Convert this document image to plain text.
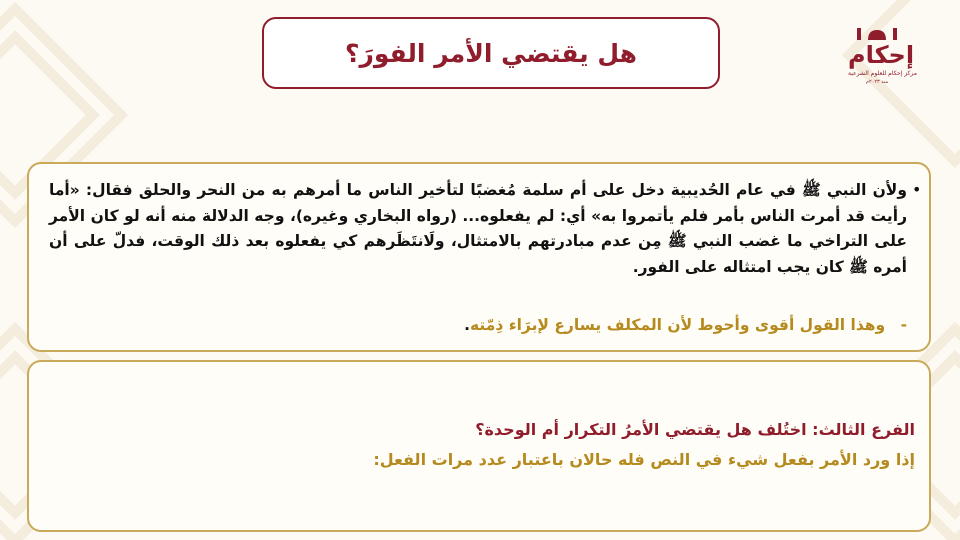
هل يقتضي الأمر الفورَ؟	إحكام
مركز إحكام للعلوم الشرعية
منذ ٢٠٢٣م
•
ولأن النبي ﷺ في عام الحُديبية دخل على أم سلمة مُغضبًا لتأخير الناس ما أمرهم به من النحر والحلق فقال: «أما رأيت قد أمرت الناس بأمر فلم يأتمروا به» أي: لم يفعلوه... (رواه البخاري وغيره)، وجه الدلالة منه أنه لو كان الأمر على التراخي ما غضب النبي ﷺ مِن عدم مبادرتهم بالامتثال، ولَانتَظَرهم كي يفعلوه بعد ذلك الوقت، فدلّ على أن أمره ﷺ كان يجب امتثاله على الفور.
- وهذا القول أقوى وأحوط لأن المكلف يسارع لإبرَاء ذِمّته.
الفرع الثالث: اختُلف هل يقتضي الأمرُ التكرار أم الوحدة؟
إذا ورد الأمر بفعل شيء في النص فله حالان باعتبار عدد مرات الفعل:
